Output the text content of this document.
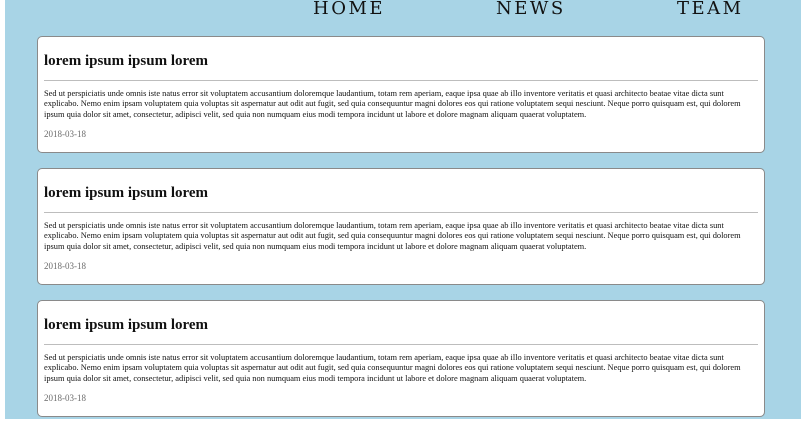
HOME	NEWS	TEAM
lorem ipsum ipsum lorem

Sed ut perspiciatis unde omnis iste natus error sit voluptatem accusantium doloremque laudantium, totam rem aperiam, eaque ipsa quae ab illo inventore veritatis et quasi architecto beatae vitae dicta sunt explicabo. Nemo enim ipsam voluptatem quia voluptas sit aspernatur aut odit aut fugit, sed quia consequuntur magni dolores eos qui ratione voluptatem sequi nesciunt. Neque porro quisquam est, qui dolorem ipsum quia dolor sit amet, consectetur, adipisci velit, sed quia non numquam eius modi tempora incidunt ut labore et dolore magnam aliquam quaerat voluptatem.

2018-03-18
lorem ipsum ipsum lorem

Sed ut perspiciatis unde omnis iste natus error sit voluptatem accusantium doloremque laudantium, totam rem aperiam, eaque ipsa quae ab illo inventore veritatis et quasi architecto beatae vitae dicta sunt explicabo. Nemo enim ipsam voluptatem quia voluptas sit aspernatur aut odit aut fugit, sed quia consequuntur magni dolores eos qui ratione voluptatem sequi nesciunt. Neque porro quisquam est, qui dolorem ipsum quia dolor sit amet, consectetur, adipisci velit, sed quia non numquam eius modi tempora incidunt ut labore et dolore magnam aliquam quaerat voluptatem.

2018-03-18
lorem ipsum ipsum lorem

Sed ut perspiciatis unde omnis iste natus error sit voluptatem accusantium doloremque laudantium, totam rem aperiam, eaque ipsa quae ab illo inventore veritatis et quasi architecto beatae vitae dicta sunt explicabo. Nemo enim ipsam voluptatem quia voluptas sit aspernatur aut odit aut fugit, sed quia consequuntur magni dolores eos qui ratione voluptatem sequi nesciunt. Neque porro quisquam est, qui dolorem ipsum quia dolor sit amet, consectetur, adipisci velit, sed quia non numquam eius modi tempora incidunt ut labore et dolore magnam aliquam quaerat voluptatem.

2018-03-18
